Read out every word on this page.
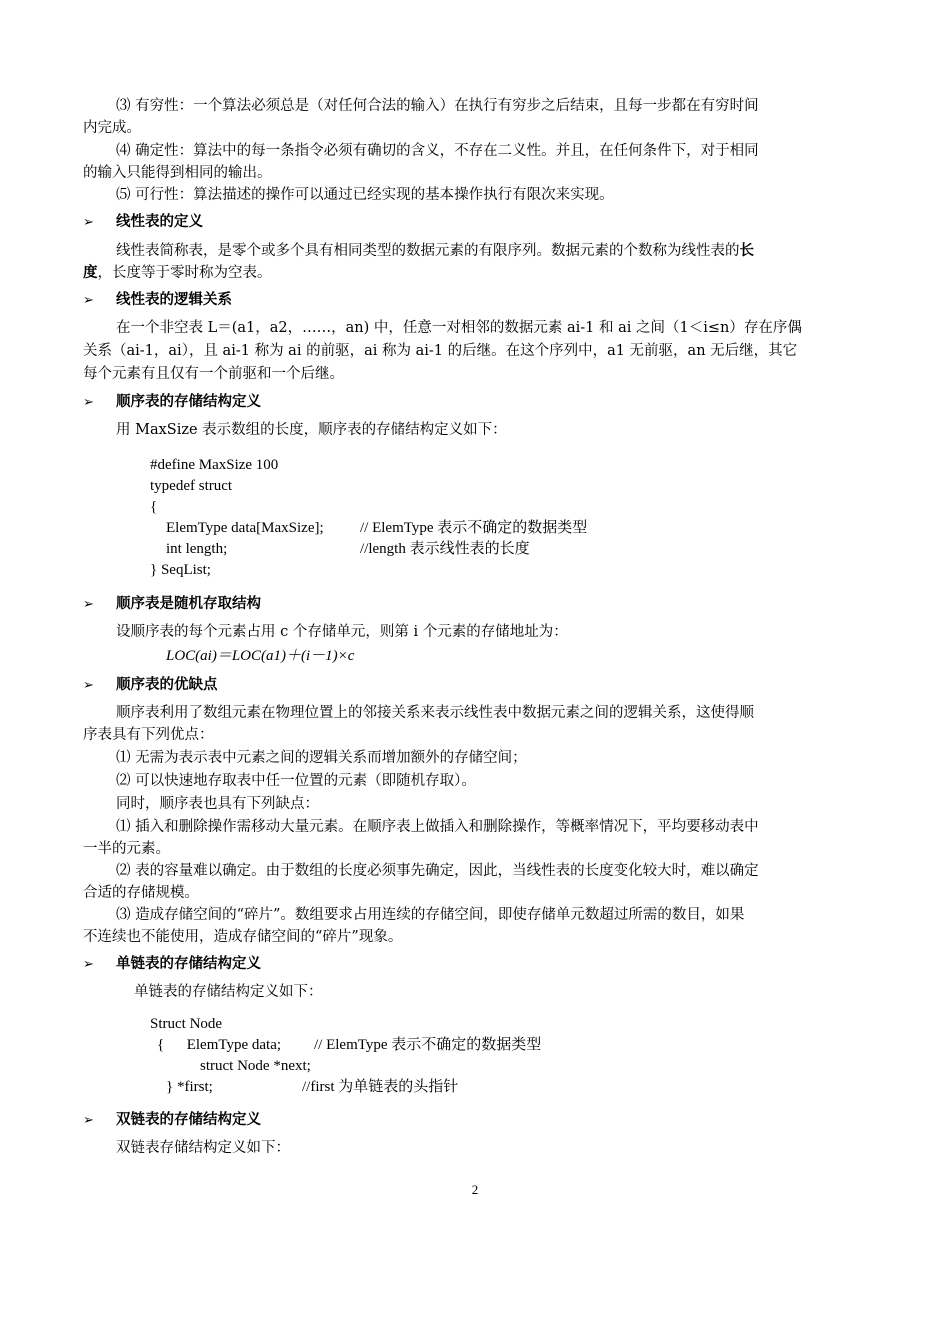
⑶ 有穷性：一个算法必须总是（对任何合法的输入）在执行有穷步之后结束，且每一步都在有穷时间
内完成。
⑷ 确定性：算法中的每一条指令必须有确切的含义，不存在二义性。并且，在任何条件下，对于相同
的输入只能得到相同的输出。
⑸ 可行性：算法描述的操作可以通过已经实现的基本操作执行有限次来实现。
➢ 线性表的定义
线性表简称表，是零个或多个具有相同类型的数据元素的有限序列。数据元素的个数称为线性表的长
度，长度等于零时称为空表。
➢ 线性表的逻辑关系
在一个非空表 L＝(a1，a2，……，an) 中，任意一对相邻的数据元素 ai-1 和 ai 之间（1＜i≤n）存在序偶
关系（ai-1，ai），且 ai-1 称为 ai 的前驱，ai 称为 ai-1 的后继。在这个序列中，a1 无前驱，an 无后继，其它
每个元素有且仅有一个前驱和一个后继。
➢ 顺序表的存储结构定义
用 MaxSize 表示数组的长度，顺序表的存储结构定义如下：
#define MaxSize 100
typedef struct
{
ElemType data[MaxSize]; // ElemType 表示不确定的数据类型
int length;	//length 表示线性表的长度
} SeqList;
➢ 顺序表是随机存取结构
设顺序表的每个元素占用 c 个存储单元，则第 i 个元素的存储地址为：
LOC(ai)＝LOC(a1)＋(i－1)×c
➢ 顺序表的优缺点
顺序表利用了数组元素在物理位置上的邻接关系来表示线性表中数据元素之间的逻辑关系，这使得顺
序表具有下列优点：
⑴ 无需为表示表中元素之间的逻辑关系而增加额外的存储空间；
⑵ 可以快速地存取表中任一位置的元素（即随机存取）。
同时，顺序表也具有下列缺点：
⑴ 插入和删除操作需移动大量元素。在顺序表上做插入和删除操作，等概率情况下，平均要移动表中
一半的元素。
⑵ 表的容量难以确定。由于数组的长度必须事先确定，因此，当线性表的长度变化较大时，难以确定
合适的存储规模。
⑶ 造成存储空间的“碎片”。数组要求占用连续的存储空间，即使存储单元数超过所需的数目，如果
不连续也不能使用，造成存储空间的“碎片”现象。
➢ 单链表的存储结构定义
单链表的存储结构定义如下：
Struct Node
{      ElemType data; // ElemType 表示不确定的数据类型
struct Node *next;
} *first;	//first 为单链表的头指针
➢ 双链表的存储结构定义
双链表存储结构定义如下：
2
